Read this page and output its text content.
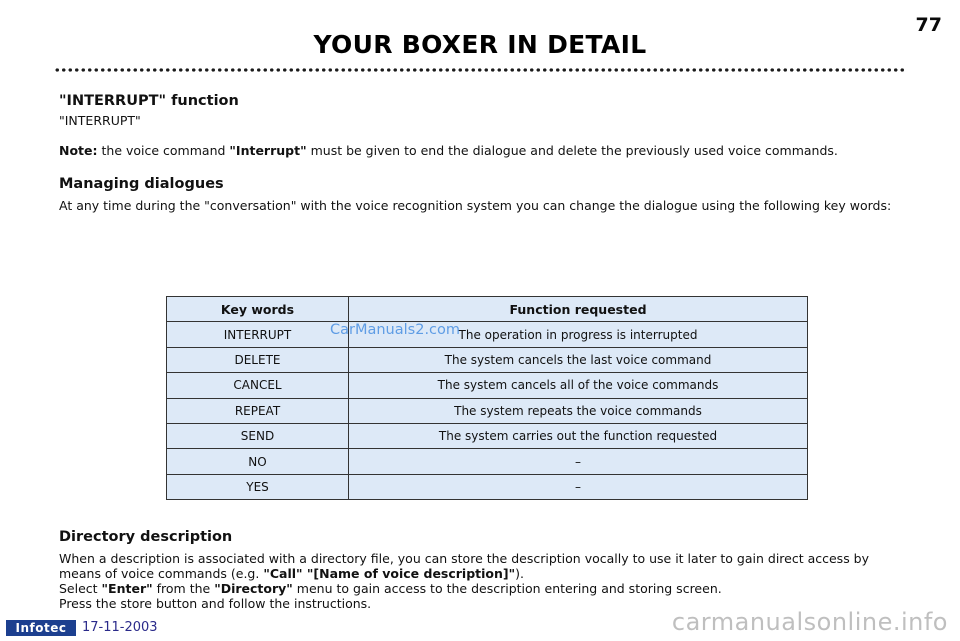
77
YOUR BOXER IN DETAIL

"INTERRUPT" function

"INTERRUPT"

Note: the voice command "Interrupt" must be given to end the dialogue and delete the previously used voice commands.

Managing dialogues

At any time during the "conversation" with the voice recognition system you can change the dialogue using the following key words:

Key words	Function requested
INTERRUPT	The operation in progress is interrupted
DELETE	The system cancels the last voice command
CANCEL	The system cancels all of the voice commands
REPEAT	The system repeats the voice commands
SEND	The system carries out the function requested
NO	–
YES	–
CarManuals2.com

Directory description

When a description is associated with a directory file, you can store the description vocally to use it later to gain direct access by means of voice commands (e.g. "Call" "[Name of voice description]").

Select "Enter" from the "Directory" menu to gain access to the description entering and storing screen.

Press the store button and follow the instructions.

Infotec	17-11-2003	carmanualsonline.info
